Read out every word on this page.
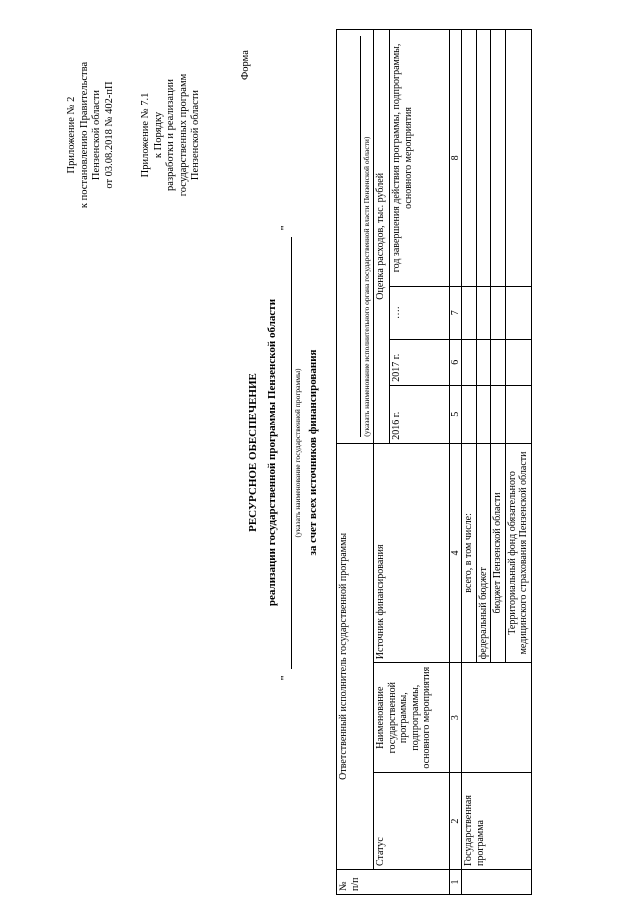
Приложение № 2 к постановлению Правительства Пензенской области от 03.08.2018 № 402-пП Приложение № 7.1 к Порядку разработки и реализации государственных программ Пензенской области
Форма
РЕСУРСНОЕ ОБЕСПЕЧЕНИЕ реализации государственной программы Пензенской области
"
"
(указать наименование государственной программы) за счет всех источников финансирования
№ п/п	Ответственный исполнитель государственной программы			(указать наименование исполнительного органа государственной власти Пензенской области)			

	Статус	Наименование государственной программы, подпрограммы, основного мероприятия	Источник финансирования	Оценка расходов, тыс. рублей			
				2016 г.	2017 г.	….	год завершения действия программы, подпрограммы, основного мероприятия
1	2	3	4	5	6	7	8
	Государственная программа		всего, в том числе:				
			федеральный бюджет				
			бюджет Пензенской области				
			Территориальный фонд обязательного медицинского страхования Пензенской области				
